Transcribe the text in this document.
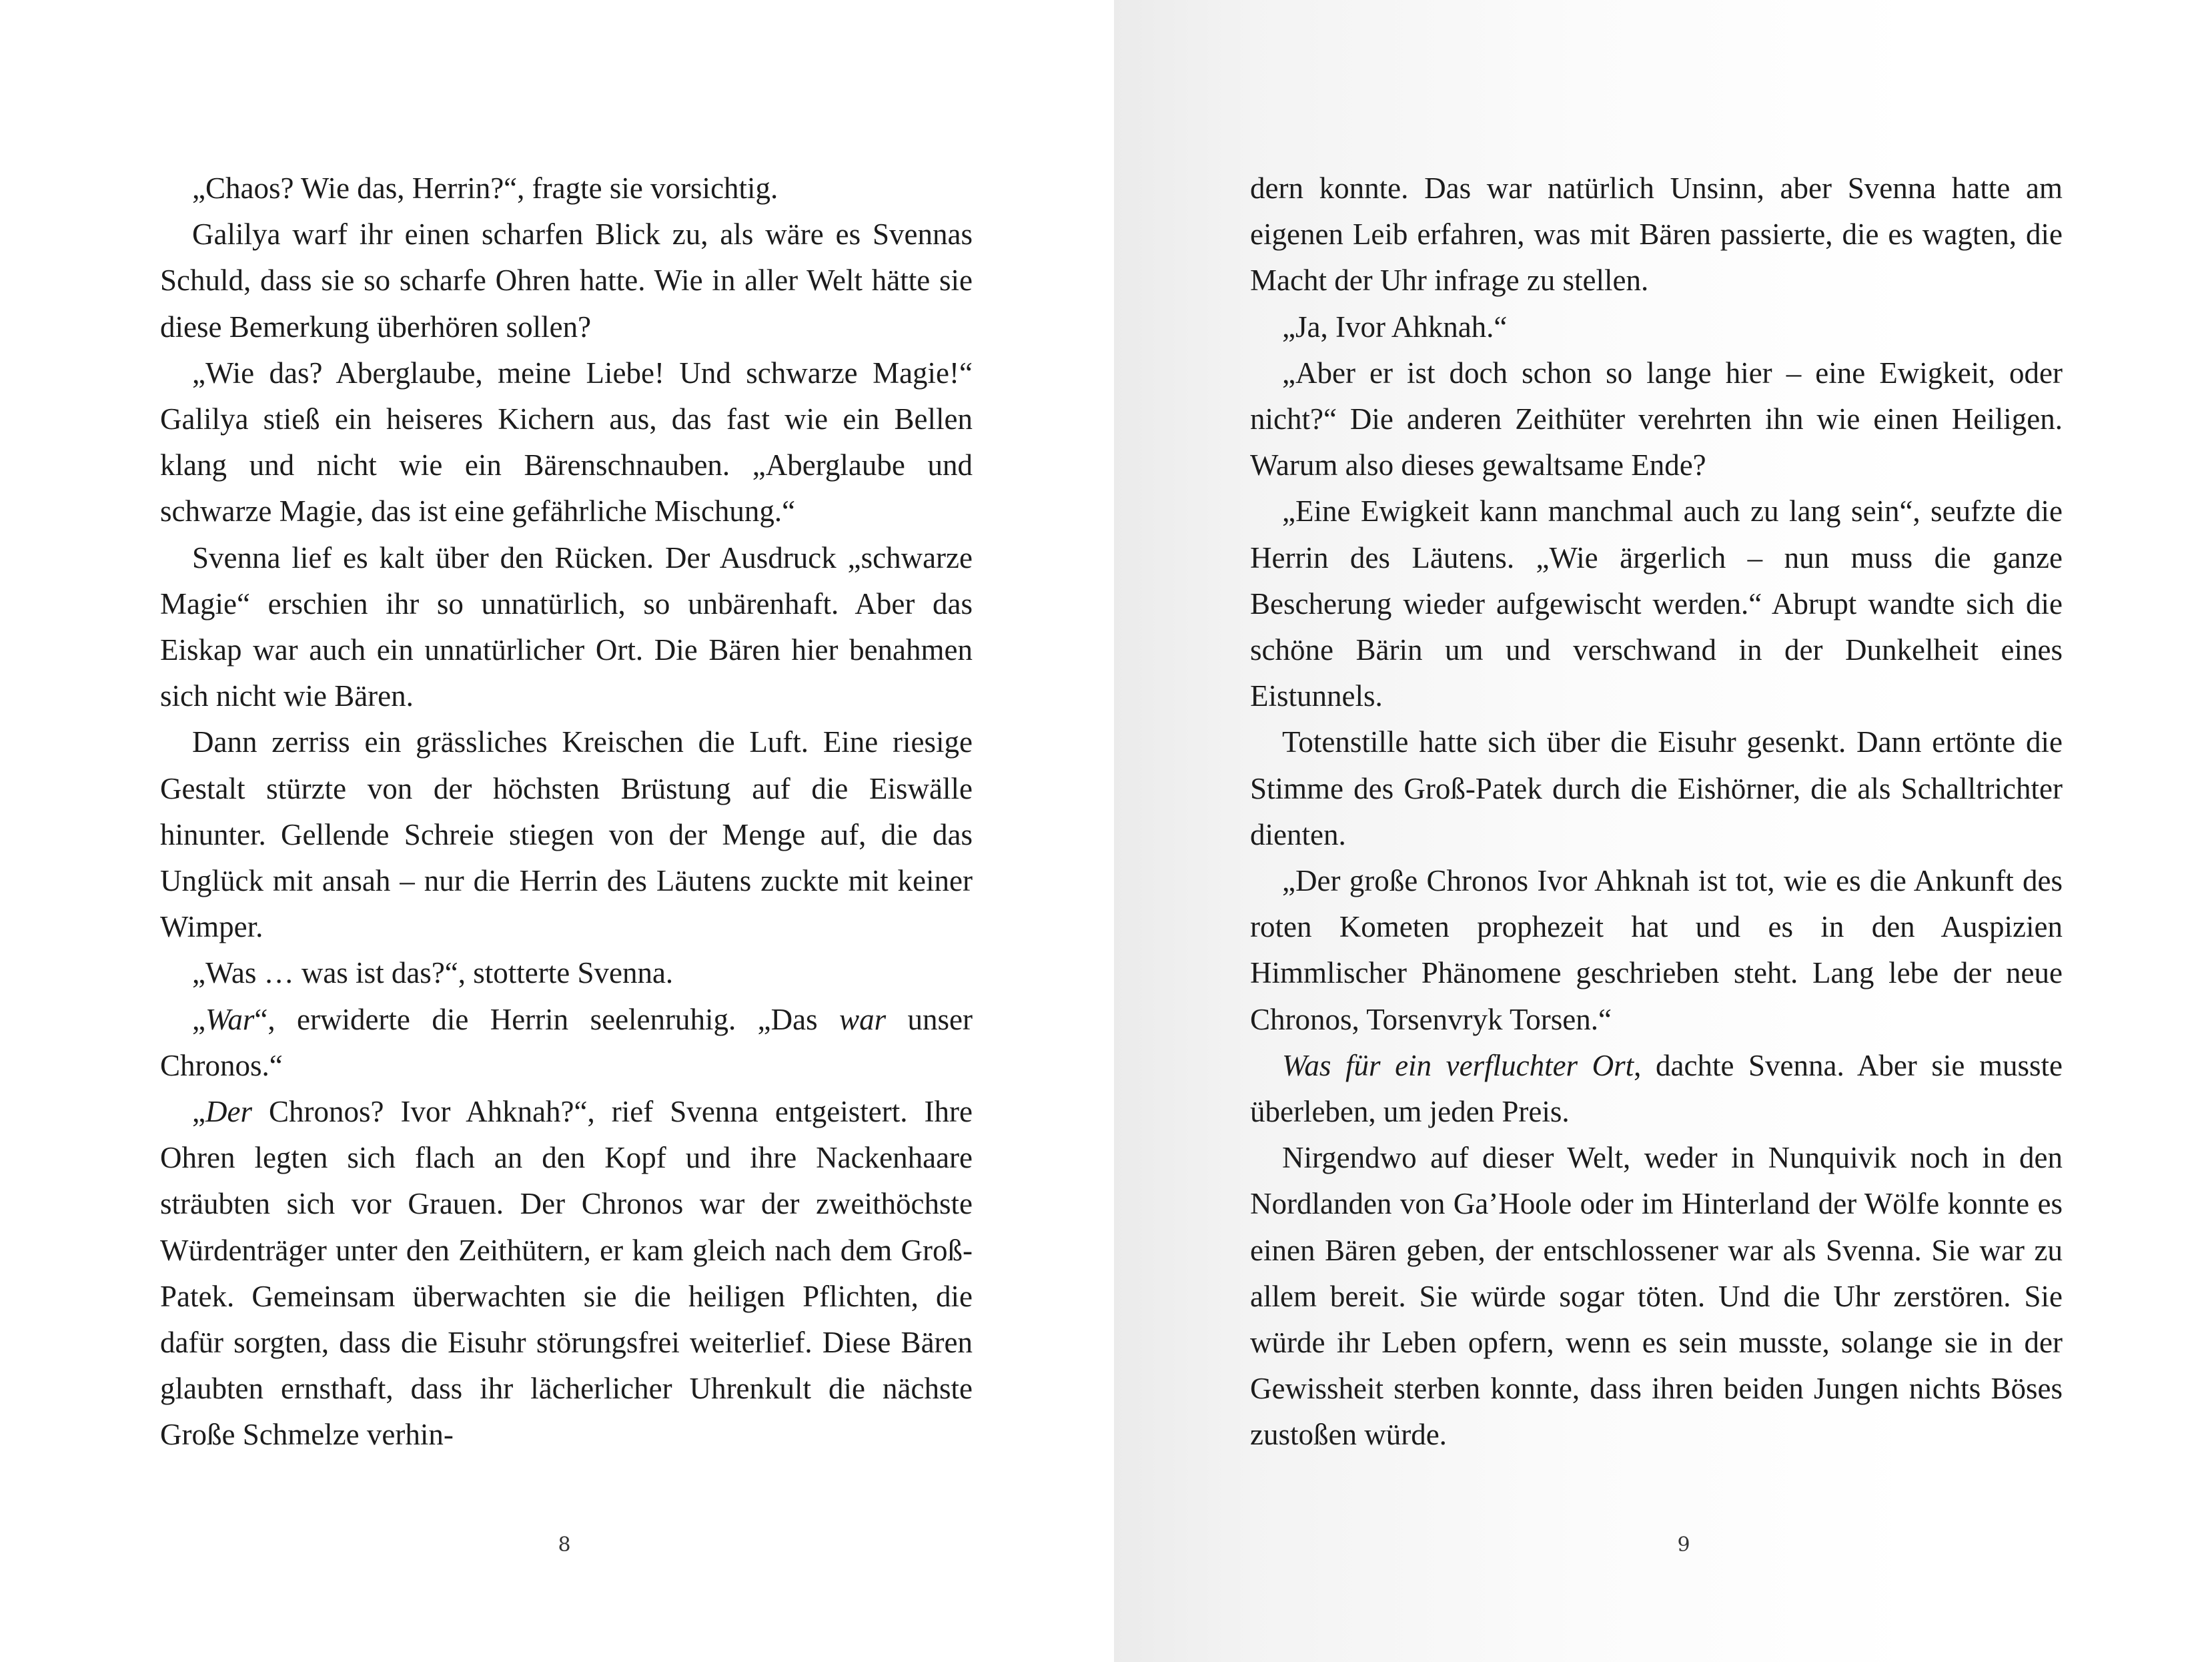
„Chaos? Wie das, Herrin?“, fragte sie vorsichtig.

Galilya warf ihr einen scharfen Blick zu, als wäre es Svennas Schuld, dass sie so scharfe Ohren hatte. Wie in aller Welt hätte sie diese Bemerkung überhören sollen?

„Wie das? Aberglaube, meine Liebe! Und schwarze Magie!“ Galilya stieß ein heiseres Kichern aus, das fast wie ein Bellen klang und nicht wie ein Bärenschnauben. „Aberglaube und schwarze Magie, das ist eine gefährliche Mischung.“

Svenna lief es kalt über den Rücken. Der Ausdruck „schwarze Magie“ erschien ihr so unnatürlich, so unbärenhaft. Aber das Eiskap war auch ein unnatürlicher Ort. Die Bären hier benahmen sich nicht wie Bären.

Dann zerriss ein grässliches Kreischen die Luft. Eine riesige Gestalt stürzte von der höchsten Brüstung auf die Eiswälle hinunter. Gellende Schreie stiegen von der Menge auf, die das Unglück mit ansah – nur die Herrin des Läutens zuckte mit keiner Wimper.

„Was … was ist das?“, stotterte Svenna.

„War“, erwiderte die Herrin seelenruhig. „Das war unser Chronos.“

„Der Chronos? Ivor Ahknah?“, rief Svenna entgeistert. Ihre Ohren legten sich flach an den Kopf und ihre Nackenhaare sträubten sich vor Grauen. Der Chronos war der zweithöchste Würdenträger unter den Zeithütern, er kam gleich nach dem Groß-Patek. Gemeinsam überwachten sie die heiligen Pflichten, die dafür sorgten, dass die Eisuhr störungsfrei weiterlief. Diese Bären glaubten ernsthaft, dass ihr lächerlicher Uhrenkult die nächste Große Schmelze verhin-

8

dern konnte. Das war natürlich Unsinn, aber Svenna hatte am eigenen Leib erfahren, was mit Bären passierte, die es wagten, die Macht der Uhr infrage zu stellen.

„Ja, Ivor Ahknah.“

„Aber er ist doch schon so lange hier – eine Ewigkeit, oder nicht?“ Die anderen Zeithüter verehrten ihn wie einen Heiligen. Warum also dieses gewaltsame Ende?

„Eine Ewigkeit kann manchmal auch zu lang sein“, seufzte die Herrin des Läutens. „Wie ärgerlich – nun muss die ganze Bescherung wieder aufgewischt werden.“ Abrupt wandte sich die schöne Bärin um und verschwand in der Dunkelheit eines Eistunnels.

Totenstille hatte sich über die Eisuhr gesenkt. Dann ertönte die Stimme des Groß-Patek durch die Eishörner, die als Schalltrichter dienten.

„Der große Chronos Ivor Ahknah ist tot, wie es die Ankunft des roten Kometen prophezeit hat und es in den Auspizien Himmlischer Phänomene geschrieben steht. Lang lebe der neue Chronos, Torsenvryk Torsen.“

Was für ein verfluchter Ort, dachte Svenna. Aber sie musste überleben, um jeden Preis.

Nirgendwo auf dieser Welt, weder in Nunquivik noch in den Nordlanden von Ga’Hoole oder im Hinterland der Wölfe konnte es einen Bären geben, der entschlossener war als Svenna. Sie war zu allem bereit. Sie würde sogar töten. Und die Uhr zerstören. Sie würde ihr Leben opfern, wenn es sein musste, solange sie in der Gewissheit sterben konnte, dass ihren beiden Jungen nichts Böses zustoßen würde.

9
